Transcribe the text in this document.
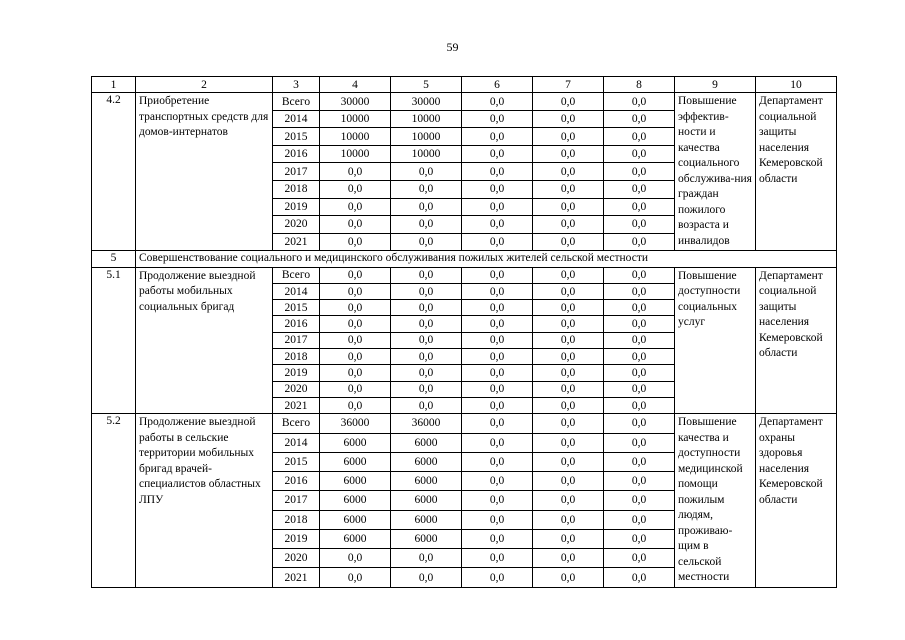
59
1	2	3	4	5	6	7	8	9	10
4.2	Приобретение транспортных средств для домов-интернатов	Всего	30000	30000	0,0	0,0	0,0	Повышение эффектив-ности и качества социального обслужива-ния граждан пожилого возраста и инвалидов	Департамент социальной защиты населения Кемеровской области
		2014	10000	10000	0,0	0,0	0,0		
		2015	10000	10000	0,0	0,0	0,0		
		2016	10000	10000	0,0	0,0	0,0		
		2017	0,0	0,0	0,0	0,0	0,0		
		2018	0,0	0,0	0,0	0,0	0,0		
		2019	0,0	0,0	0,0	0,0	0,0		
		2020	0,0	0,0	0,0	0,0	0,0		
		2021	0,0	0,0	0,0	0,0	0,0		
5	Совершенствование социального и медицинского обслуживания пожилых жителей сельской местности								
5.1	Продолжение выездной работы мобильных социальных бригад	Всего	0,0	0,0	0,0	0,0	0,0	Повышение доступности социальных услуг	Департамент социальной защиты населения Кемеровской области
		2014	0,0	0,0	0,0	0,0	0,0		
		2015	0,0	0,0	0,0	0,0	0,0		
		2016	0,0	0,0	0,0	0,0	0,0		
		2017	0,0	0,0	0,0	0,0	0,0		
		2018	0,0	0,0	0,0	0,0	0,0		
		2019	0,0	0,0	0,0	0,0	0,0		
		2020	0,0	0,0	0,0	0,0	0,0		
		2021	0,0	0,0	0,0	0,0	0,0		
5.2	Продолжение выездной работы в сельские территории мобильных бригад врачей-специалистов областных ЛПУ	Всего	36000	36000	0,0	0,0	0,0	Повышение качества и доступности медицинской помощи пожилым людям, проживаю-щим в сельской местности	Департамент охраны здоровья населения Кемеровской области
		2014	6000	6000	0,0	0,0	0,0		
		2015	6000	6000	0,0	0,0	0,0		
		2016	6000	6000	0,0	0,0	0,0		
		2017	6000	6000	0,0	0,0	0,0		
		2018	6000	6000	0,0	0,0	0,0		
		2019	6000	6000	0,0	0,0	0,0		
		2020	0,0	0,0	0,0	0,0	0,0		
		2021	0,0	0,0	0,0	0,0	0,0		
